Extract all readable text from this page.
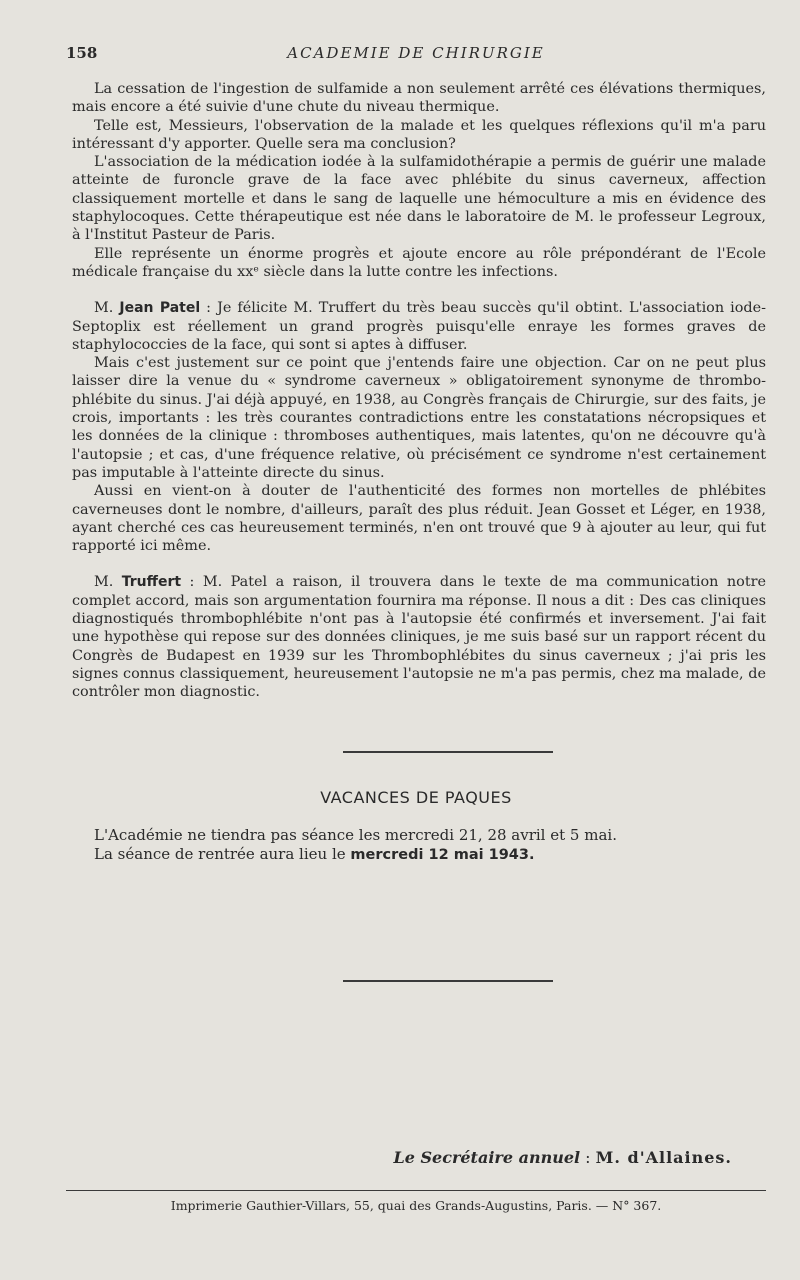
158	ACADEMIE DE CHIRURGIE

La cessation de l'ingestion de sulfamide a non seulement arrêté ces élévations thermiques, mais encore a été suivie d'une chute du niveau thermique.

Telle est, Messieurs, l'observation de la malade et les quelques réflexions qu'il m'a paru intéressant d'y apporter. Quelle sera ma conclusion?

L'association de la médication iodée à la sulfamidothérapie a permis de guérir une malade atteinte de furoncle grave de la face avec phlébite du sinus caverneux, affection classiquement mortelle et dans le sang de laquelle une hémoculture a mis en évidence des staphylocoques. Cette thérapeutique est née dans le laboratoire de M. le professeur Legroux, à l'Institut Pasteur de Paris.

Elle représente un énorme progrès et ajoute encore au rôle prépondérant de l'Ecole médicale française du xxᵉ siècle dans la lutte contre les infections.

M. Jean Patel : Je félicite M. Truffert du très beau succès qu'il obtint. L'association iode-Septoplix est réellement un grand progrès puisqu'elle enraye les formes graves de staphylococcies de la face, qui sont si aptes à diffuser.

Mais c'est justement sur ce point que j'entends faire une objection. Car on ne peut plus laisser dire la venue du « syndrome caverneux » obligatoirement synonyme de thrombo-phlébite du sinus. J'ai déjà appuyé, en 1938, au Congrès français de Chirurgie, sur des faits, je crois, importants : les très courantes contradictions entre les constatations nécropsiques et les données de la clinique : thromboses authentiques, mais latentes, qu'on ne découvre qu'à l'autopsie ; et cas, d'une fréquence relative, où précisément ce syndrome n'est certainement pas imputable à l'atteinte directe du sinus.

Aussi en vient-on à douter de l'authenticité des formes non mortelles de phlébites caverneuses dont le nombre, d'ailleurs, paraît des plus réduit. Jean Gosset et Léger, en 1938, ayant cherché ces cas heureusement terminés, n'en ont trouvé que 9 à ajouter au leur, qui fut rapporté ici même.

M. Truffert : M. Patel a raison, il trouvera dans le texte de ma communication notre complet accord, mais son argumentation fournira ma réponse. Il nous a dit : Des cas cliniques diagnostiqués thrombophlébite n'ont pas à l'autopsie été confirmés et inversement. J'ai fait une hypothèse qui repose sur des données cliniques, je me suis basé sur un rapport récent du Congrès de Budapest en 1939 sur les Thrombophlébites du sinus caverneux ; j'ai pris les signes connus classiquement, heureusement l'autopsie ne m'a pas permis, chez ma malade, de contrôler mon diagnostic.

VACANCES DE PAQUES

L'Académie ne tiendra pas séance les mercredi 21, 28 avril et 5 mai.

La séance de rentrée aura lieu le mercredi 12 mai 1943.

Le Secrétaire annuel : M. d'Allaines.
Imprimerie Gauthier-Villars, 55, quai des Grands-Augustins, Paris. — N° 367.
